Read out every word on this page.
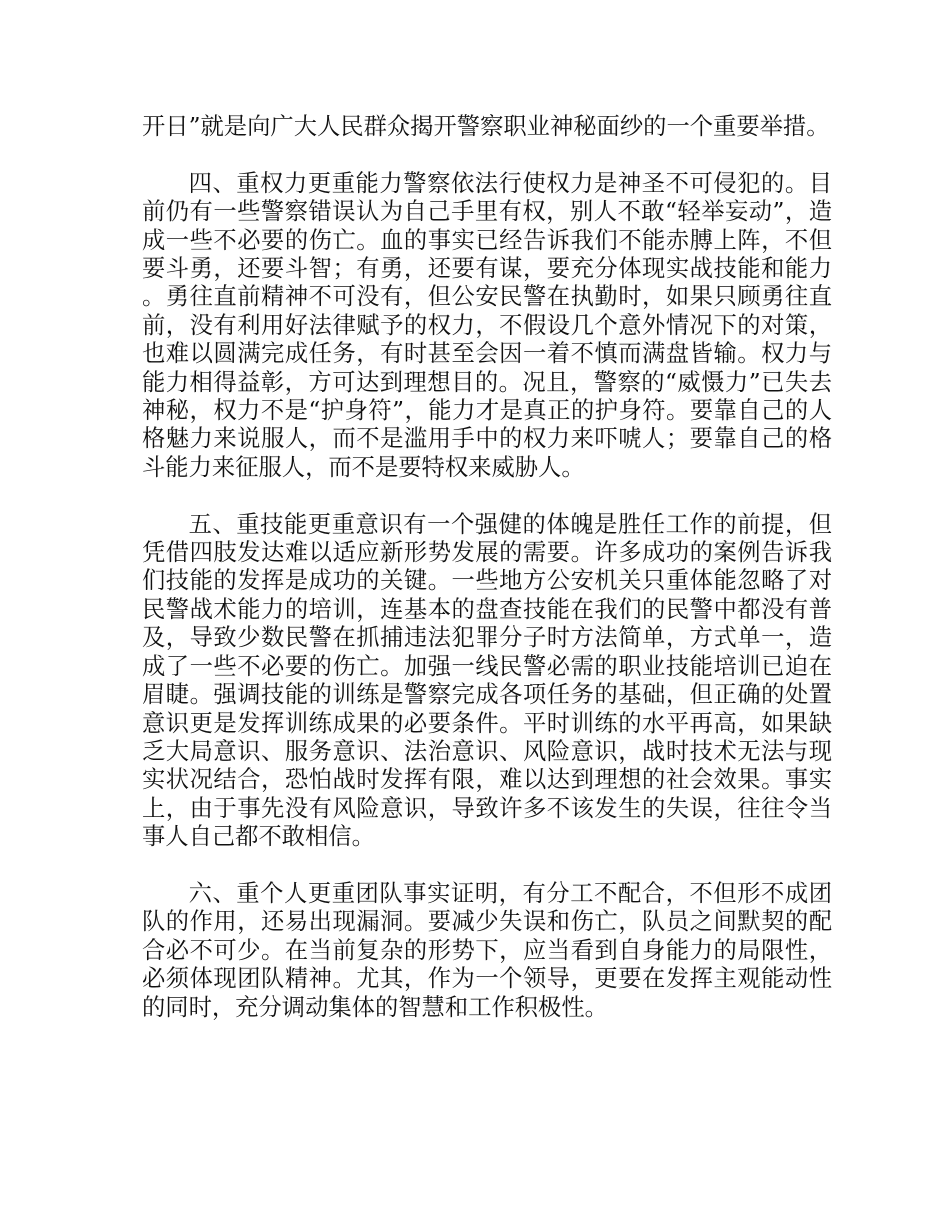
开日”就是向广大人民群众揭开警察职业神秘面纱的一个重要举措。

四、重权力更重能力警察依法行使权力是神圣不可侵犯的。目前仍有一些警察错误认为自己手里有权，别人不敢“轻举妄动”，造成一些不必要的伤亡。血的事实已经告诉我们不能赤膊上阵，不但要斗勇，还要斗智；有勇，还要有谋，要充分体现实战技能和能力。勇往直前精神不可没有，但公安民警在执勤时，如果只顾勇往直前，没有利用好法律赋予的权力，不假设几个意外情况下的对策，也难以圆满完成任务，有时甚至会因一着不慎而满盘皆输。权力与能力相得益彰，方可达到理想目的。况且，警察的“威慑力”已失去神秘，权力不是“护身符”，能力才是真正的护身符。要靠自己的人格魅力来说服人，而不是滥用手中的权力来吓唬人；要靠自己的格斗能力来征服人，而不是要特权来威胁人。

五、重技能更重意识有一个强健的体魄是胜任工作的前提，但凭借四肢发达难以适应新形势发展的需要。许多成功的案例告诉我们技能的发挥是成功的关键。一些地方公安机关只重体能忽略了对民警战术能力的培训，连基本的盘查技能在我们的民警中都没有普及，导致少数民警在抓捕违法犯罪分子时方法简单，方式单一，造成了一些不必要的伤亡。加强一线民警必需的职业技能培训已迫在眉睫。强调技能的训练是警察完成各项任务的基础，但正确的处置意识更是发挥训练成果的必要条件。平时训练的水平再高，如果缺乏大局意识、服务意识、法治意识、风险意识，战时技术无法与现实状况结合，恐怕战时发挥有限，难以达到理想的社会效果。事实上，由于事先没有风险意识，导致许多不该发生的失误，往往令当事人自己都不敢相信。

六、重个人更重团队事实证明，有分工不配合，不但形不成团队的作用，还易出现漏洞。要减少失误和伤亡，队员之间默契的配合必不可少。在当前复杂的形势下，应当看到自身能力的局限性，必须体现团队精神。尤其，作为一个领导，更要在发挥主观能动性的同时，充分调动集体的智慧和工作积极性。
